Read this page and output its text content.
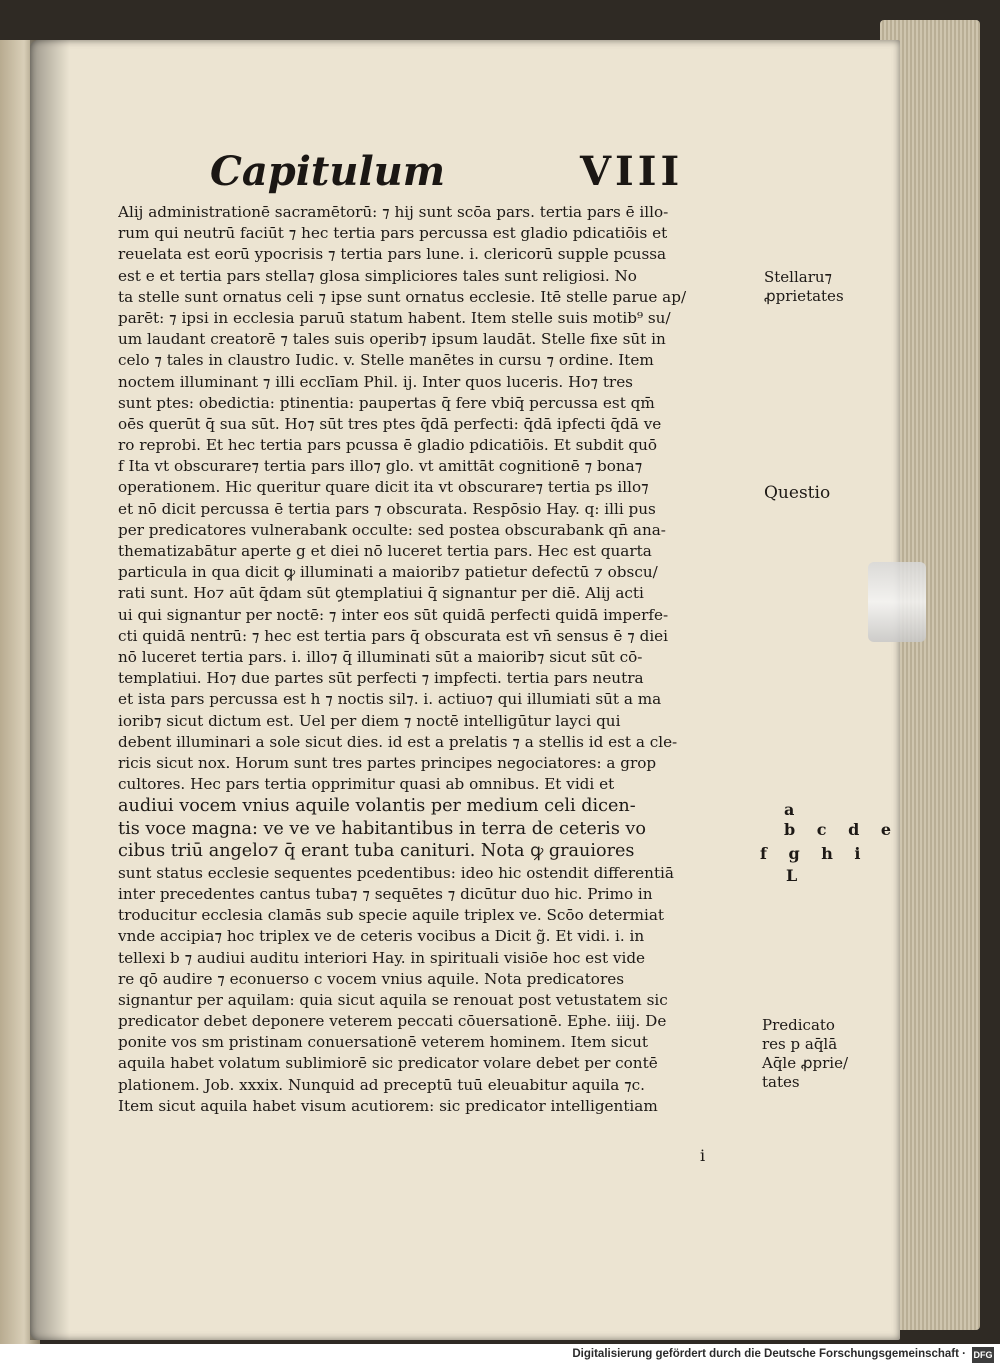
Capitulum	VIII
Alij administrationē sacramētorū: ⁊ hij sunt scōa pars. tertia pars ē illo-
rum qui neutrū faciūt ⁊ hec tertia pars percussa est gladio pdicatiōis et
reuelata est eorū ypocrisis ⁊ tertia pars lune. i. clericorū supple pcussa
est e et tertia pars stella⁊ glosa simpliciores tales sunt religiosi. No
ta stelle sunt ornatus celi ⁊ ipse sunt ornatus ecclesie. Itē stelle parue ap/
parēt: ⁊ ipsi in ecclesia paruū statum habent. Item stelle suis motib⁹ su/
um laudant creatorē ⁊ tales suis operib⁊ ipsum laudāt. Stelle fixe sūt in
celo ⁊ tales in claustro Iudic. v. Stelle manētes in cursu ⁊ ordine. Item
noctem illuminant ⁊ illi ecclīam Phil. ij. Inter quos luceris. Ho⁊ tres
sunt ptes: obedictia: ptinentia: paupertas q̄ fere vbiq̄ percussa est qm̄
oēs querūt q̄ sua sūt. Ho⁊ sūt tres ptes q̄dā perfecti: q̄dā ipfecti q̄dā ve
ro reprobi. Et hec tertia pars pcussa ē gladio pdicatiōis. Et subdit quō
f Ita vt obscurare⁊ tertia pars illo⁊ glo. vt amittāt cognitionē ⁊ bona⁊
operationem. Hic queritur quare dicit ita vt obscurare⁊ tertia ps illo⁊
et nō dicit percussa ē tertia pars ⁊ obscurata. Respōsio Hay. q: illi pus
per predicatores vulnerabank occulte: sed postea obscurabank qn̄ ana-
thematizabātur aperte g et diei nō luceret tertia pars. Hec est quarta
particula in qua dicit ꝙ illuminati a maiorib⁊ patietur defectū ⁊ obscu/
rati sunt. Ho⁊ aūt q̄dam sūt ꝯtemplatiui q̄ signantur per diē. Alij acti
ui qui signantur per noctē: ⁊ inter eos sūt quidā perfecti quidā imperfe-
cti quidā nentrū: ⁊ hec est tertia pars q̄ obscurata est vn̄ sensus ē ⁊ diei
nō luceret tertia pars. i. illo⁊ q̄ illuminati sūt a maiorib⁊ sicut sūt cō-
templatiui. Ho⁊ due partes sūt perfecti ⁊ impfecti. tertia pars neutra
et ista pars percussa est h ⁊ noctis sil⁊. i. actiuo⁊ qui illumiati sūt a ma
iorib⁊ sicut dictum est. Uel per diem ⁊ noctē intelligūtur layci qui
debent illuminari a sole sicut dies. id est a prelatis ⁊ a stellis id est a cle-
ricis sicut nox. Horum sunt tres partes principes negociatores: a grop
cultores. Hec pars tertia opprimitur quasi ab omnibus. Et vidi et
audiui vocem vnius aquile volantis per medium celi dicen-
tis voce magna: ve ve ve habitantibus in terra de ceteris vo
cibus triū angelo⁊ q̄ erant tuba canituri. Nota ꝙ grauiores
sunt status ecclesie sequentes pcedentibus: ideo hic ostendit differentiā
inter precedentes cantus tuba⁊ ⁊ sequētes ⁊ dicūtur duo hic. Primo in
troducitur ecclesia clamās sub specie aquile triplex ve. Scōo determiat
vnde accipia⁊ hoc triplex ve de ceteris vocibus a Dicit g̃. Et vidi. i. in
tellexi b ⁊ audiui auditu interiori Hay. in spirituali visiōe hoc est vide
re qō audire ⁊ econuerso c vocem vnius aquile. Nota predicatores
signantur per aquilam: quia sicut aquila se renouat post vetustatem sic
predicator debet deponere veterem peccati cōuersationē. Ephe. iiij. De
ponite vos sm pristinam conuersationē veterem hominem. Item sicut
aquila habet volatum sublimiorē sic predicator volare debet per contē
plationem. Job. xxxix. Nunquid ad preceptū tuū eleuabitur aquila ⁊c.
Item sicut aquila habet visum acutiorem: sic predicator intelligentiam
Stellaru⁊
ꝓprietates
Questio
a
b c d e
f g h i
L
Predicato
res p aq̄lā
Aq̄le ꝓprie/
tates
i
Digitalisierung gefördert durch die Deutsche Forschungsgemeinschaft · DFG
